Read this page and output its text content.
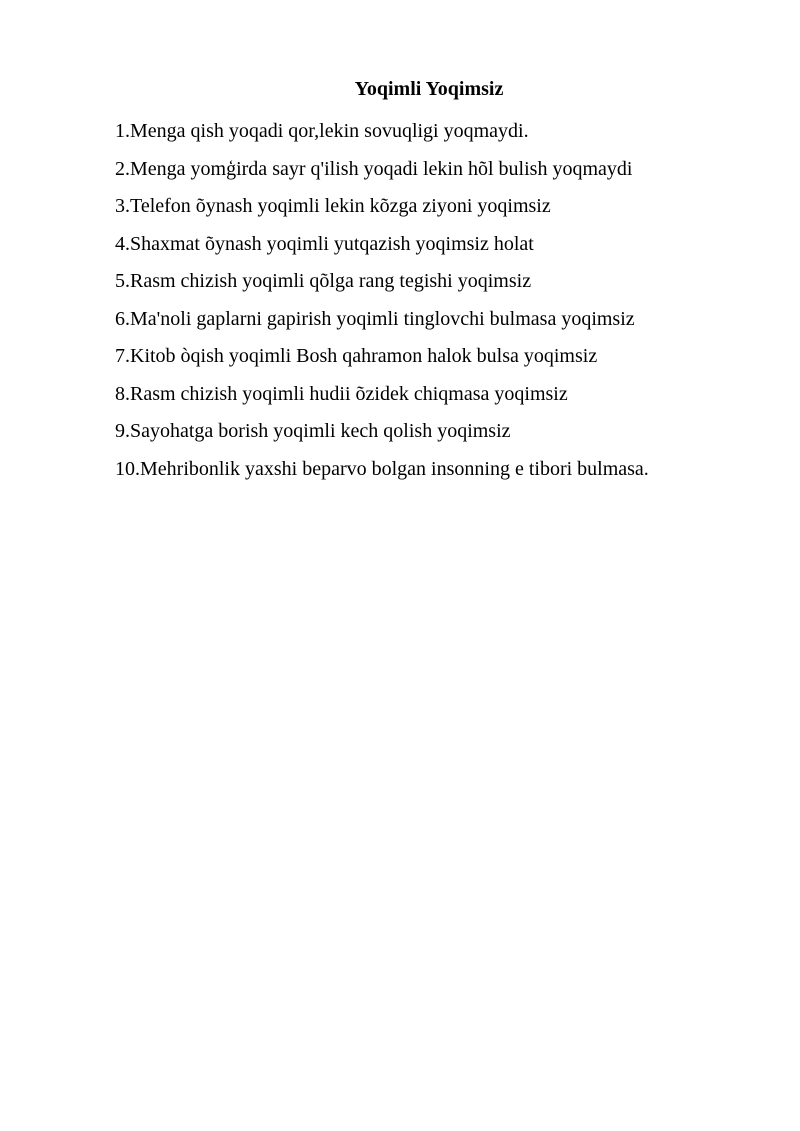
Yoqimli Yoqimsiz
1.Menga qish yoqadi qor,lekin sovuqligi yoqmaydi.
2.Menga yomģirda sayr q'ilish yoqadi lekin hõl bulish yoqmaydi
3.Telefon õynash yoqimli lekin kõzga ziyoni yoqimsiz
4.Shaxmat õynash yoqimli yutqazish yoqimsiz holat
5.Rasm chizish yoqimli qõlga rang tegishi yoqimsiz
6.Ma'noli gaplarni gapirish yoqimli tinglovchi bulmasa yoqimsiz
7.Kitob òqish yoqimli Bosh qahramon halok bulsa yoqimsiz
8.Rasm chizish yoqimli hudii õzidek chiqmasa yoqimsiz
9.Sayohatga borish yoqimli kech qolish yoqimsiz
10.Mehribonlik yaxshi beparvo bolgan insonning e tibori bulmasa.
